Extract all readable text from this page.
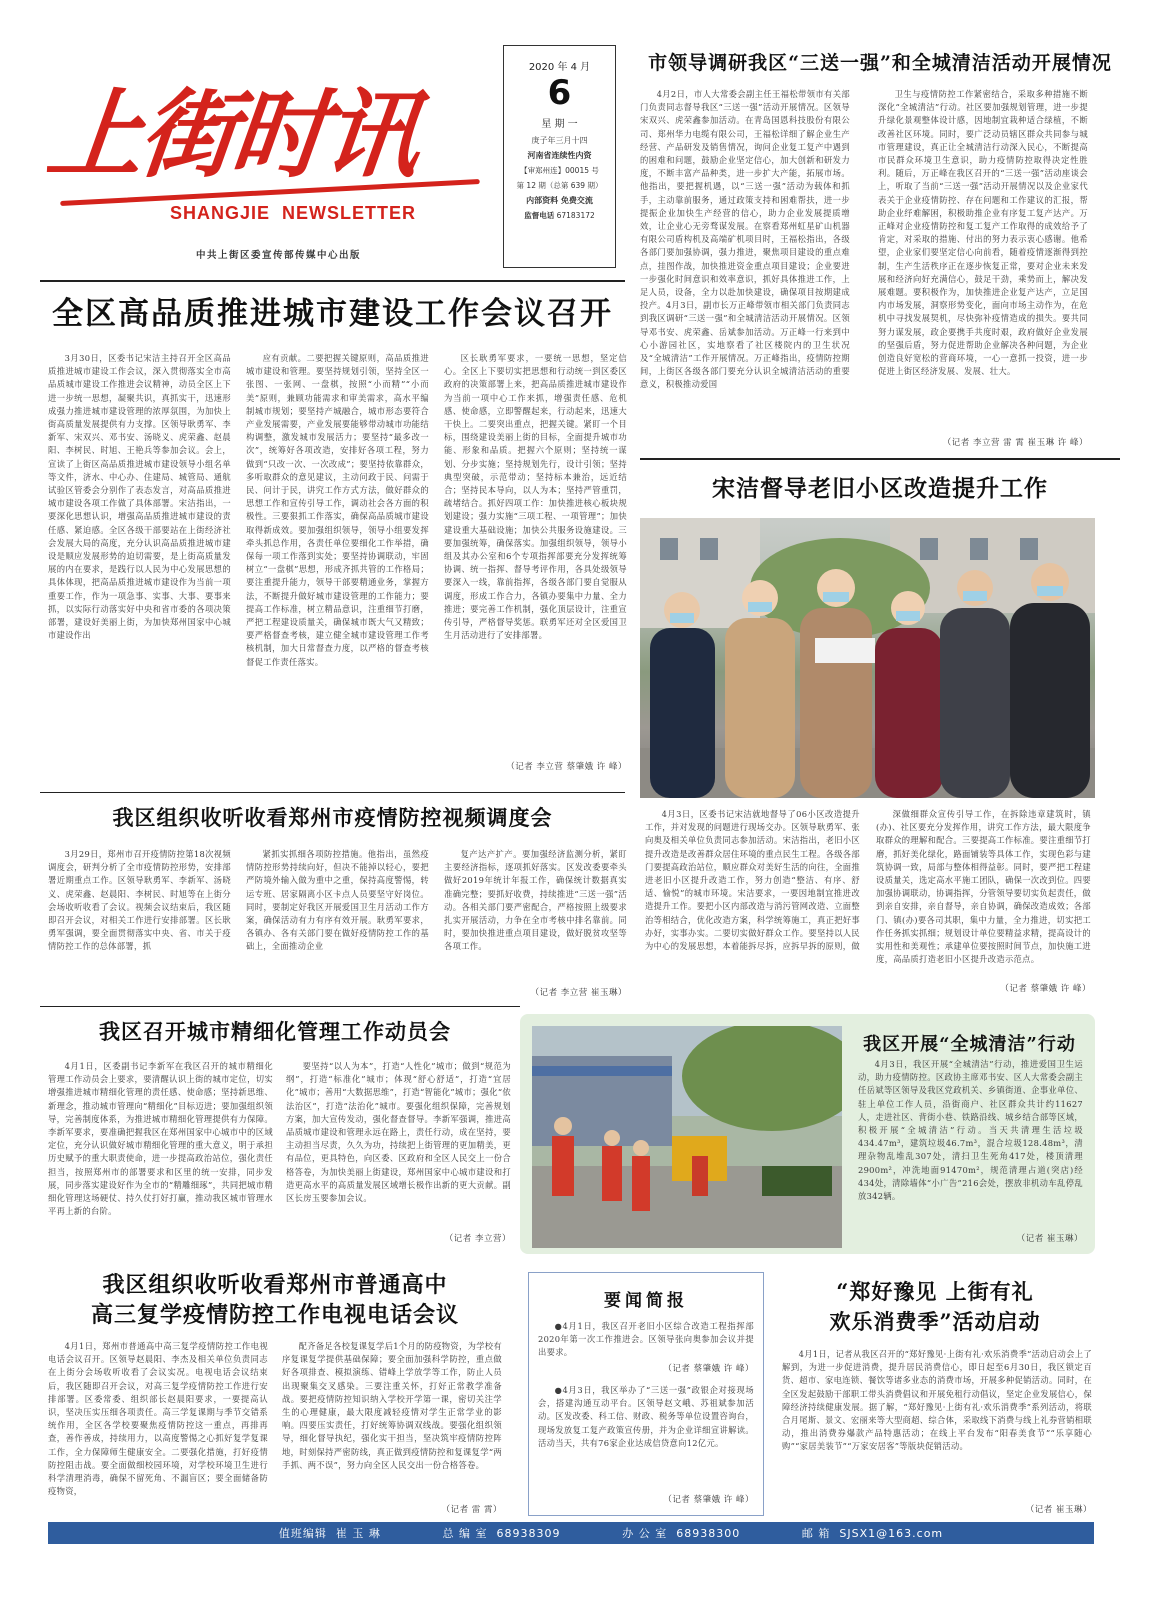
上街时讯
SHANGJIE  NEWSLETTER
中共上街区委宣传部传媒中心出版
2020 年 4 月
6
星 期 一
庚子年三月十四
河南省连续性内资
【审郑州连】00015 号
第 12 期（总第 639 期）
内部资料 免费交流
监督电话 67183172
市领导调研我区“三送一强”和全城清洁活动开展情况
4月2日，市人大常委会副主任王福松带领市有关部门负责同志督导我区“三送一强”活动开展情况。区领导宋双兴、虎荣鑫参加活动。在青岛国恩科技股份有限公司、郑州华力电缆有限公司，王福松详细了解企业生产经营、产品研发及销售情况，询问企业复工复产中遇到的困难和问题，鼓励企业坚定信心，加大创新和研发力度，不断丰富产品种类，进一步扩大产能，拓展市场。他指出，要把握机遇，以“三送一强”活动为载体和抓手，主动靠前服务，通过政策支持和困难帮扶，进一步提振企业加快生产经营的信心，助力企业发展提质增效，让企业心无旁骛谋发展。在察看郑州虹星矿山机器有限公司盾构机及高端矿机项目时，王福松指出，各级各部门要加强协调，强力推进，聚焦项目建设的重点难点，挂图作战，加快推进资金重点项目建设；企业要进一步强化时间意识和效率意识，抓好具体推进工作，上足人员，设备，全力以赴加快建设，确保项目按期建成投产。4月3日，副市长万正峰带领市相关部门负责同志到我区调研“三送一强”和全城清洁活动开展情况。区领导邓书安、虎荣鑫、岳斌参加活动。万正峰一行来到中心小游园社区，实地察看了社区楼院内的卫生状况及“全城清洁”工作开展情况。万正峰指出，疫情防控期间，上街区各级各部门要充分认识全城清洁活动的重要意义，积极推动爱国
卫生与疫情防控工作紧密结合，采取多种措施不断深化“全城清洁”行动。社区要加强规划管理，进一步提升绿化景观整体设计感，因地制宜栽种适合绿植，不断改善社区环境。同时，要广泛动员辖区群众共同参与城市管理建设，真正让全城清洁行动深入民心，不断提高市民群众环境卫生意识，助力疫情防控取得决定性胜利。随后，万正峰在我区召开的“三送一强”活动座谈会上，听取了当前“三送一强”活动开展情况以及企业家代表关于企业疫情防控、存在问题和工作建议的汇报，帮助企业纾难解困，积极助推企业有序复工复产达产。万正峰对企业疫情防控和复工复产工作取得的成效给予了肯定，对采取的措施、付出的努力表示衷心感谢。他希望，企业家们要坚定信心向前看，随着疫情逐渐得到控制，生产生活秩序正在逐步恢复正常，要对企业未来发展和经济向好充满信心，鼓足干劲，乘势而上，解决发展难题。要积极作为，加快推进企业复产达产，立足国内市场发展，洞察形势变化，面向市场主动作为，在危机中寻找发展契机，尽快弥补疫情造成的损失。要共同努力谋发展，政企要携手共度时艰，政府做好企业发展的坚强后盾，努力促进帮助企业解决各种问题，为企业创造良好宽松的营商环境，一心一意抓一投资，进一步促进上街区经济发展、发展、壮大。
（记者 李立营 雷 霄 崔玉琳 许 峰）
全区高品质推进城市建设工作会议召开
3月30日，区委书记宋洁主持召开全区高品质推进城市建设工作会议，深入贯彻落实全市高品质城市建设工作推进会议精神，动员全区上下进一步统一思想，凝聚共识，真抓实干，迅速形成强力推进城市建设管理的浓厚氛围，为加快上街高质量发展提供有力支撑。区领导耿勇军、李新军、宋双兴、邓书安、汤晓义、虎荣鑫、赵晨阳、李树民、时旭、王艳兵等参加会议。会上，宣读了上街区高品质推进城市建设领导小组名单等文件，济水、中心办、住建局、城管局、通航试验区管委会分别作了表态发言，对高品质推进城市建设各项工作做了具体部署。宋洁指出，一要深化思想认识，增强高品质推进城市建设的责任感、紧迫感。全区各级干部要站在上街经济社会发展大局的高度，充分认识高品质推进城市建设是顺应发展形势的迫切需要，是上街高质量发展的内在要求，是践行以人民为中心发展思想的具体体现，把高品质推进城市建设作为当前一项重要工作，作为一项急事、实事、大事、要事来抓，以实际行动落实好中央和省市委的各项决策部署，建设好美丽上街，为加快郑州国家中心城市建设作出
应有贡献。二要把握关键原则，高品质推进城市建设和管理。要坚持规划引领，坚持全区一张图、一张网、一盘棋，按照“小而精”“小而美”原则，兼顾功能需求和审美需求，高水平编制城市规划；要坚持产城融合，城市形态要符合产业发展需要，产业发展要能够带动城市功能结构调整，激发城市发展活力；要坚持“最多改一次”，统筹好各项改造，安排好各项工程，努力做到“只改一次、一次改成”；要坚持依靠群众，多听取群众的意见建议，主动问政于民、问需于民、问计于民，讲究工作方式方法，做好群众的思想工作和宣传引导工作，调动社会各方面的积极性。三要狠抓工作落实，确保高品质城市建设取得新成效。要加强组织领导，领导小组要发挥牵头抓总作用，各责任单位要细化工作举措，确保每一项工作落到实处；要坚持协调联动，牢固树立“一盘棋”思想，形成齐抓共管的工作格局；要注重提升能力，领导干部要精通业务，掌握方法，不断提升做好城市建设管理的工作能力；要提高工作标准，树立精品意识，注重细节打磨，严把工程建设质量关，确保城市既大气又精致；要严格督查考核，建立健全城市建设管理工作考核机制，加大日常督查力度，以严格的督查考核督促工作责任落实。
区长耿勇军要求，一要统一思想，坚定信心。全区上下要切实把思想和行动统一到区委区政府的决策部署上来，把高品质推进城市建设作为当前一项中心工作来抓，增强责任感、危机感、使命感，立即警醒起来，行动起来，迅速大干快上。二要突出重点，把握关键。紧盯一个目标，围绕建设美丽上街的目标，全面提升城市功能、形象和品质。把握六个原则；坚持统一谋划、分步实施；坚持规划先行，设计引领；坚持典型突破，示范带动；坚持标本兼治，远近结合；坚持民本导向，以人为本；坚持严管重罚，疏堵结合。抓好四项工作：加快推进核心板块规划建设；强力实施“三项工程、一项管理”；加快建设重大基础设施；加快公共服务设施建设。三要加强统筹，确保落实。加强组织领导，领导小组及其办公室和6个专项指挥部要充分发挥统筹协调、统一指挥、督导考评作用，各具处级领导要深入一线，靠前指挥，各级各部门要自觉服从调度，形成工作合力，各镇办要集中力量、全力推进；要完善工作机制，强化顶层设计，注重宣传引导，严格督导奖惩。联勇军还对全区爱国卫生月活动进行了安排部署。
（记者 李立营 蔡肇娥 许 峰）
宋洁督导老旧小区改造提升工作
4月3日，区委书记宋洁就地督导了06小区改造提升工作，并对发现的问题进行现场交办。区领导耿勇军、张向奥及相关单位负责同志参加活动。宋洁指出，老旧小区提升改造是改善群众居住环境的重点民生工程。各级各部门要提高政治站位，顺应群众对美好生活的向往，全面推进老旧小区提升改造工作，努力创造“整洁、有序、舒适、愉悦”的城市环境。宋洁要求，一要因地制宜推进改造提升工作。要把小区内部改造与消污管网改造、立面整治等相结合，优化改造方案，科学统筹施工，真正把好事办好，实事办实。二要切实做好群众工作。要坚持以人民为中心的发展思想，本着能拆尽拆，应拆早拆的原则，做
深做细群众宣传引导工作，在拆除违章建筑时，镇(办)、社区要充分发挥作用，讲究工作方法，最大限度争取群众的理解和配合。三要提高工作标准。要注重细节打磨，抓好美化绿化，路面铺装等具体工作，实现色彩与建筑协调一致，局部与整体相得益彰。同时，要严把工程建设质量关，选定高水平施工团队，确保一次改到位。四要加强协调联动，协调指挥，分管领导要切实负起责任，做到亲自安排，亲自督导，亲自协调，确保改造成效；各部门、镇(办)要各司其职，集中力量，全力推进，切实把工作任务抓实抓细；规划设计单位要精益求精，提高设计的实用性和美观性；承建单位要按照时间节点，加快施工进度，高品质打造老旧小区提升改造示范点。
（记者 蔡肇娥 许 峰）
我区组织收听收看郑州市疫情防控视频调度会
3月29日，郑州市召开疫情防控第18次视频调度会，研判分析了全市疫情防控形势，安排部署近期重点工作。区领导耿勇军、李新军、汤晓义、虎荣鑫、赵晨阳、李树民、时旭等在上街分会场收听收看了会议。视频会议结束后，我区随即召开会议，对相关工作进行安排部署。区长耿勇军强调，要全面贯彻落实中央、省、市关于疫情防控工作的总体部署，抓
紧抓实抓细各项防控措施。他指出，虽然疫情防控形势持续向好，但决不能掉以轻心，要把严防境外输入做为重中之重，保持高度警惕，转运专班、居家隔离小区卡点人员要坚守好岗位。同时，要制定好我区开展爱国卫生月活动工作方案，确保活动有力有序有效开展。耿勇军要求，各镇办、各有关部门要在做好疫情防控工作的基础上，全面推动企业
复产达产扩产。要加强经济监测分析，紧盯主要经济指标，逐项抓好落实。区发改委要牵头做好2019年统计年报工作，确保统计数据真实准确完整；要抓好收费，持续推进“三送一强”活动。各相关部门要严密配合，严格按照上级要求扎实开展活动，力争在全市考核中排名靠前。同时，要加快推进重点项目建设，做好脱贫攻坚等各项工作。
（记者 李立营 崔玉琳）
我区召开城市精细化管理工作动员会
4月1日，区委副书记李新军在我区召开的城市精细化管理工作动员会上要求，要清醒认识上街的城市定位，切实增强推进城市精细化管理的责任感、使命感；坚持新思维、新理念，推动城市管理向“精细化”目标迈进；要加强组织领导，完善制度体系，为推进城市精细化管理提供有力保障。李新军要求，要准确把握我区在郑州国家中心城市中的区域定位，充分认识做好城市精细化管理的重大意义，明于承担历史赋予的重大职责使命，进一步提高政治站位，强化责任担当，按照郑州市的部署要求和区里的统一安排，同步发展，同步落实建设好作为全市的“精雕细琢”，共同把城市精细化管理这场硬仗、持久仗打好打赢，推动我区城市管理水平再上新的台阶。
要坚持“以人为本”，打造“人性化”城市；做到“规范为纲”，打造“标准化”城市；体现“舒心舒适”，打造“宜居化”城市；善用“大数据思维”，打造“智能化”城市；强化“依法治区”，打造“法治化”城市。要强化组织保障，完善规划方案，加大宣传发动，强化督查督导。李新军强调，推进高品质城市建设和管理永远在路上，责任行动，成在坚持，要主动担当尽责，久久为功，持续把上街管理的更加精美，更有品位，更具特色，向区委、区政府和全区人民交上一份合格答卷，为加快美丽上街建设，郑州国家中心城市建设和打造更高水平的高质量发展区域增长极作出新的更大贡献。副区长房玉要参加会议。
（记者 李立营）
我区开展“全城清洁”行动
4月3日，我区开展“全城清洁”行动，推进爱国卫生运动，助力疫情防控。区政协主席邓书安、区人大常委会副主任岳斌等区领导及我区党政机关、乡镇街道、企事业单位、驻上单位工作人员，沿街商户、社区群众共计约11627人，走进社区、背街小巷、铁路沿线、城乡结合部等区域，积极开展“全城清洁”行动。当天共清理生活垃圾434.47m³，建筑垃圾46.7m³，混合垃圾128.48m³，清理杂物乱堆乱307处，清扫卫生死角417处，楼顶清理2900m²，冲洗地面91470m²，规范清理占道(突店)经434处，清除墙体“小广告”216会处，摆放非机动车乱停乱放342辆。
（记者 崔玉琳）
我区组织收听收看郑州市普通高中
高三复学疫情防控工作电视电话会议
4月1日，郑州市普通高中高三复学疫情防控工作电视电话会议召开。区领导赵晨阳、李杰及相关单位负责同志在上街分会场收听收看了会议实况。电视电话会议结束后，我区随即召开会议，对高三复学疫情防控工作进行安排部署。区委常委、组织部长赵晨阳要求，一要提高认识，坚决压实压细各项责任。高三学复课期与季节交错系统作用，全区各学校要聚焦疫情防控这一重点，再排再查，善作善成，持续用力，以高度警惕之心抓好复学复课工作，全力保障师生健康安全。二要强化措施，打好疫情防控阻击战。要全面做细校园环境，对学校环境卫生进行科学清理消毒，确保不留死角、不漏盲区；要全面储备防疫物资，
配齐备足各校复课复学后1个月的防疫物资，为学校有序复课复学提供基础保障；要全面加强科学防控，重点做好各项排查、模拟演练、错峰上学放学等工作，防止人员出现聚集交叉感染。三要注重关怀，打好正常教学准备战。要把疫情防控知识纳入学校开学第一课，密切关注学生的心理健康，最大限度减轻疫情对学生正常学业的影响。四要压实责任，打好统筹协调双线战。要强化组织领导，细化督导执纪，强化实干担当，坚决筑牢疫情防控阵地，时刻保持严密防线，真正做到疫情防控和复课复学“两手抓、两不误”，努力向全区人民交出一份合格答卷。
（记者 雷 霄）
要闻简报
●4月1日，我区召开老旧小区综合改造工程指挥部2020年第一次工作推进会。区领导张向奥参加会议并提出要求。
（记者 蔡肇娥 许 峰）
●4月3日，我区举办了“三送一强”政银企对接现场会，搭建沟通互动平台。区领导赵文峨、苏祖斌参加活动。区发改委、科工信、财政、税务等单位设置咨询台，现场发放复工复产政策宣传册，并为企业详细宣讲解读。活动当天，共有76家企业达成信贷意向12亿元。
（记者 蔡肇娥 许 峰）
“郑好豫见 上街有礼
欢乐消费季”活动启动
4月1日，记者从我区召开的“郑好豫见·上街有礼·欢乐消费季”活动启动会上了解到，为进一步促进消费，提升居民消费信心，即日起至6月30日，我区锁定百货、超市、家电连锁、餐饮等诸多业态的消费市场，开展多种促销活动。同时，在全区发起鼓励干部职工带头消费倡议和开展免租行动倡议，坚定企业发展信心，保障经济持续健康发展。据了解，“郑好豫见·上街有礼·欢乐消费季”系列活动，将联合月尾斯、景文、宏丽来等大型商超、综合体，采取线下消费与线上礼券营销相联动，推出消费券爆款产品特惠活动；在线上平台发布“阳春美食节”“乐享随心购”“家居美装节”“万家安居客”等版块促销活动。
（记者 崔玉琳）
值班编辑 崔 玉 琳	总 编 室 68938309	办 公 室 68938300	邮 箱 SJSX1@163.com
